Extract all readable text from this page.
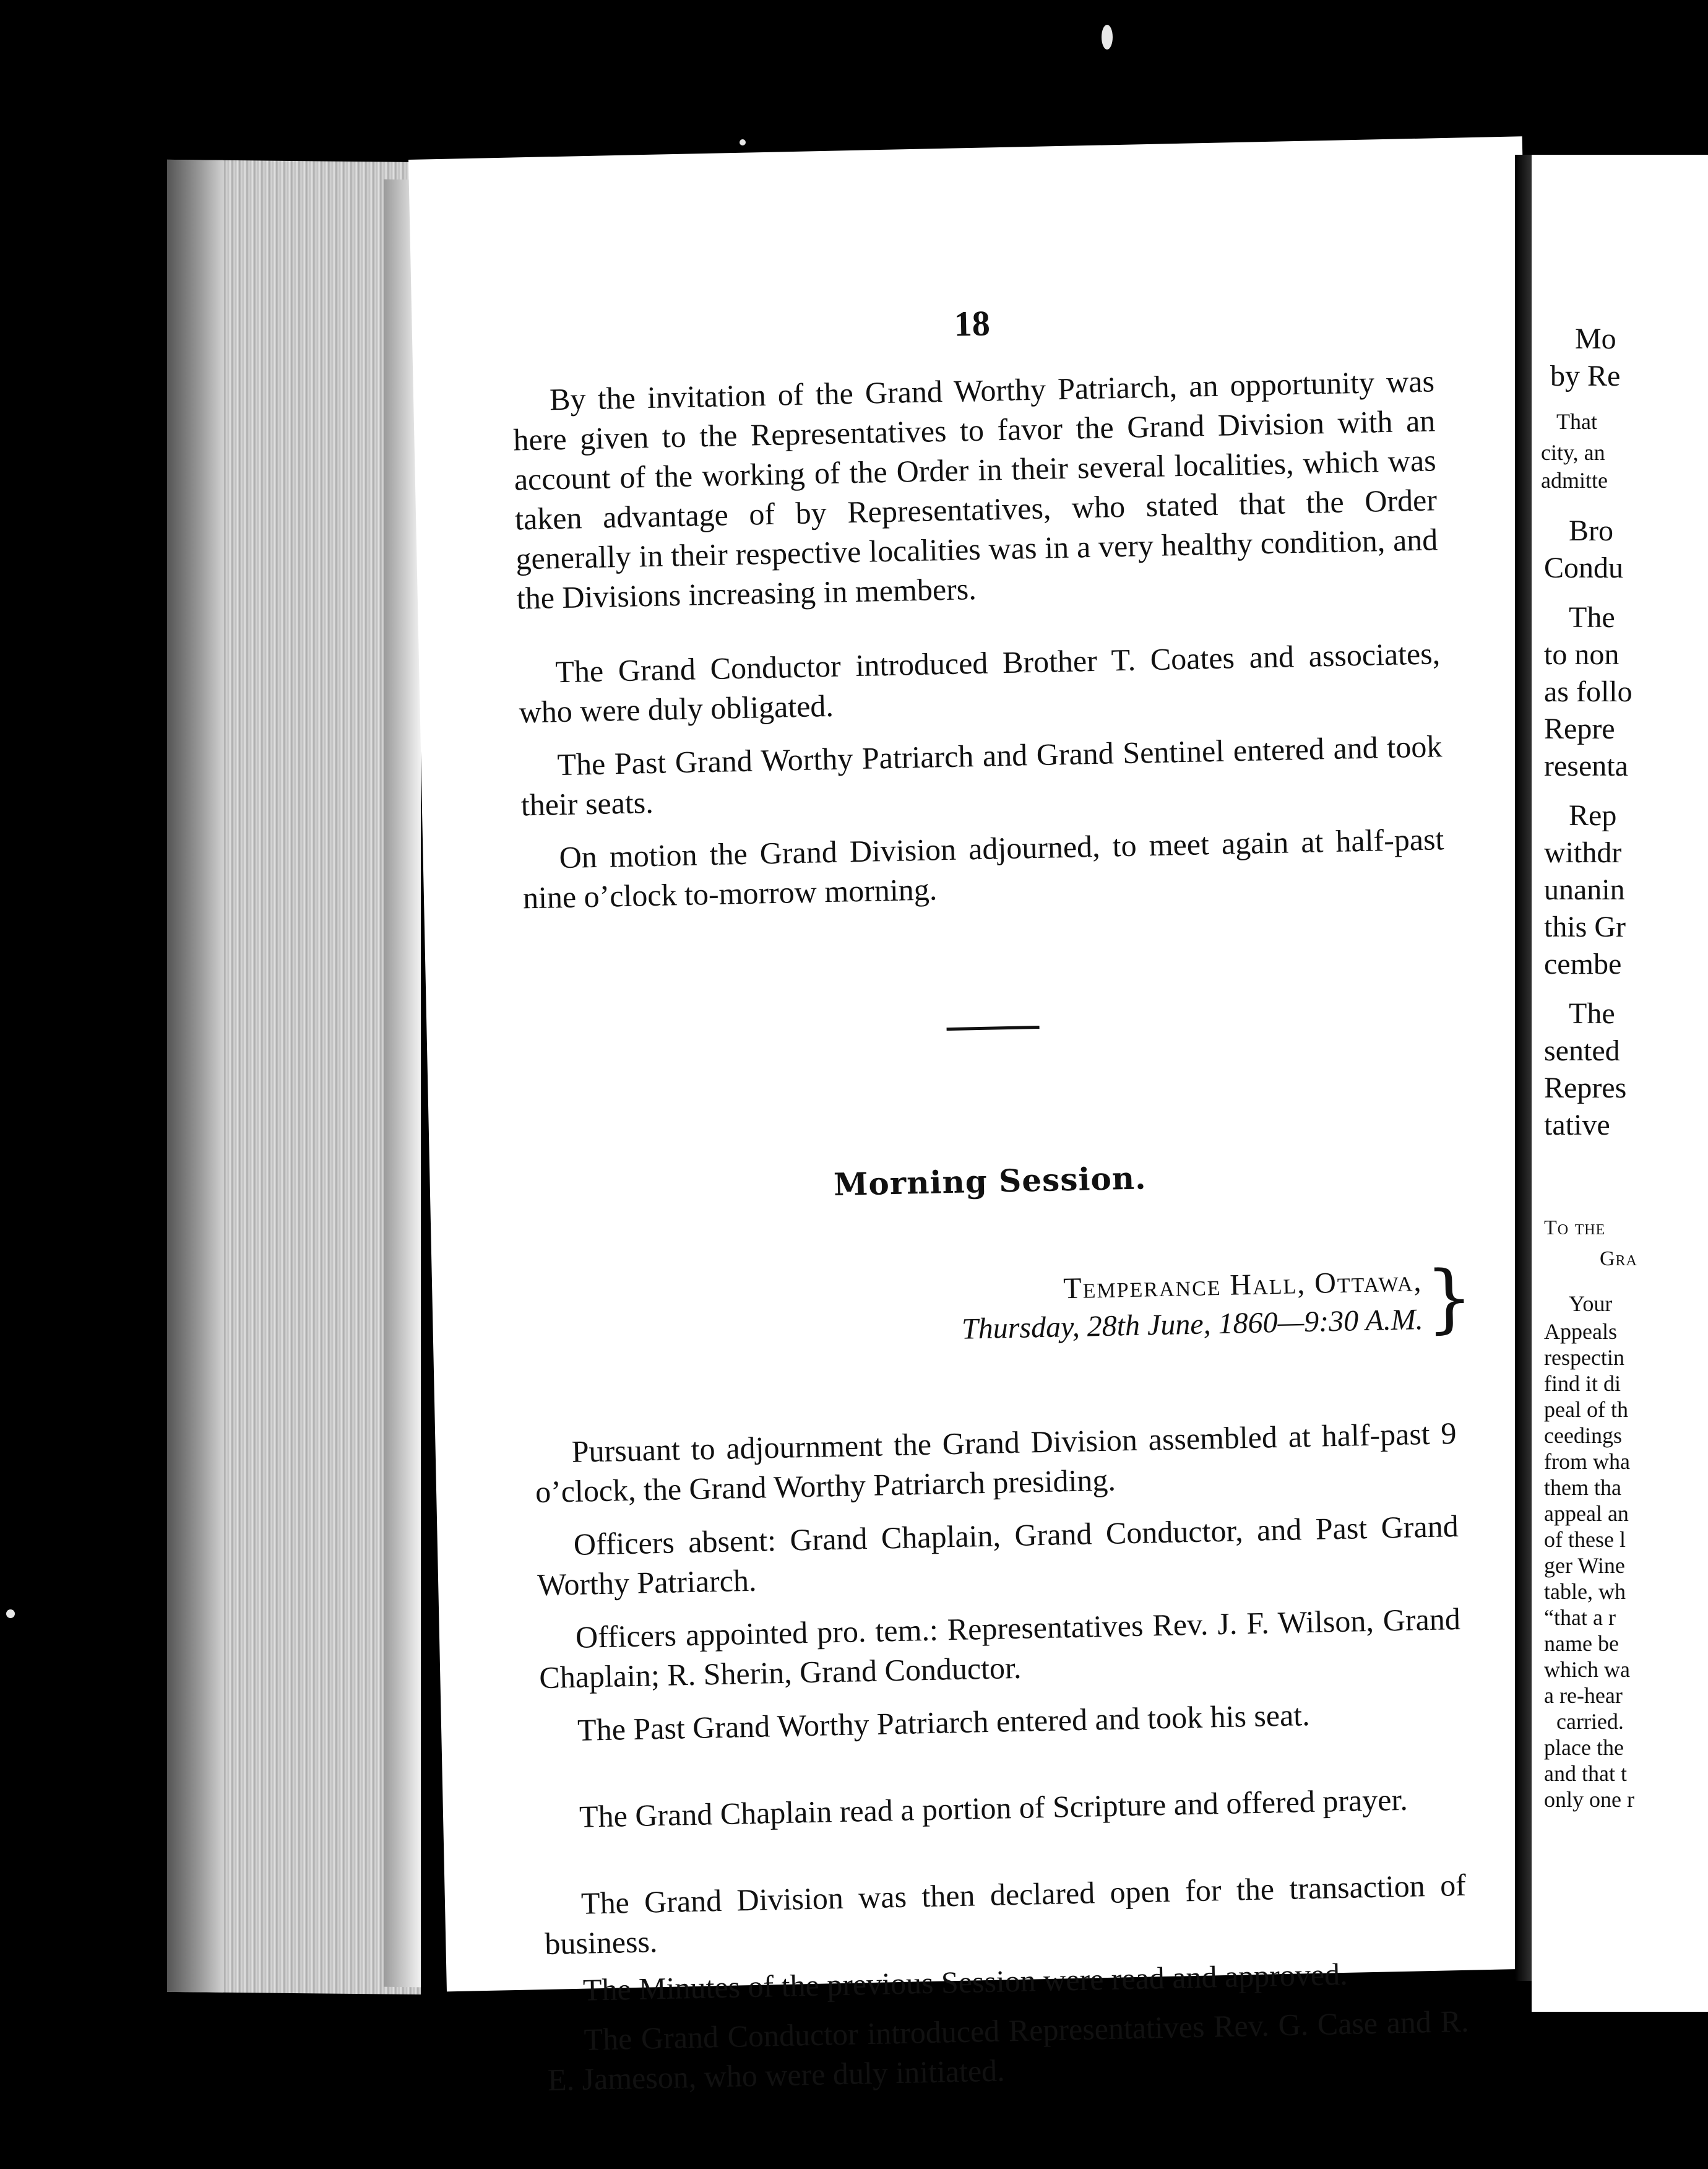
18

By the invitation of the Grand Worthy Patriarch, an opportunity was here given to the Representatives to favor the Grand Division with an account of the working of the Order in their several localities, which was taken advantage of by Representatives, who stated that the Order generally in their respective localities was in a very healthy condition, and the Divisions increasing in members.

The Grand Conductor introduced Brother T. Coates and associates, who were duly obligated.

The Past Grand Worthy Patriarch and Grand Sentinel entered and took their seats.

On motion the Grand Division adjourned, to meet again at half-past nine o’clock to-morrow morning.

Morning Session.
Temperance Hall, Ottawa,
Thursday, 28th June, 1860—9:30 A.M. }

Pursuant to adjournment the Grand Division assembled at half-past 9 o’clock, the Grand Worthy Patriarch presiding.

Officers absent: Grand Chaplain, Grand Conductor, and Past Grand Worthy Patriarch.

Officers appointed pro. tem.: Representatives Rev. J. F. Wilson, Grand Chaplain; R. Sherin, Grand Conductor.

The Past Grand Worthy Patriarch entered and took his seat.

The Grand Chaplain read a portion of Scripture and offered prayer.

The Grand Division was then declared open for the transaction of business.

The Minutes of the previous Session were read and approved.

The Grand Conductor introduced Representatives Rev. G. Case and R. E. Jameson, who were duly initiated.

Mo
by Re
That
city, an
admitte
Bro
Condu
The
to non
as follo
Repre
resenta
Rep
withdr
unanin
this Gr
cembe
The
sented
Repres
tative
To the
Gra
Your
Appeals
respectin
find it di
peal of th
ceedings
from wha
them tha
appeal an
of these l
ger Wine
table, wh
“that a r
name be
which wa
a re-hear
carried.
place the
and that t
only one r
